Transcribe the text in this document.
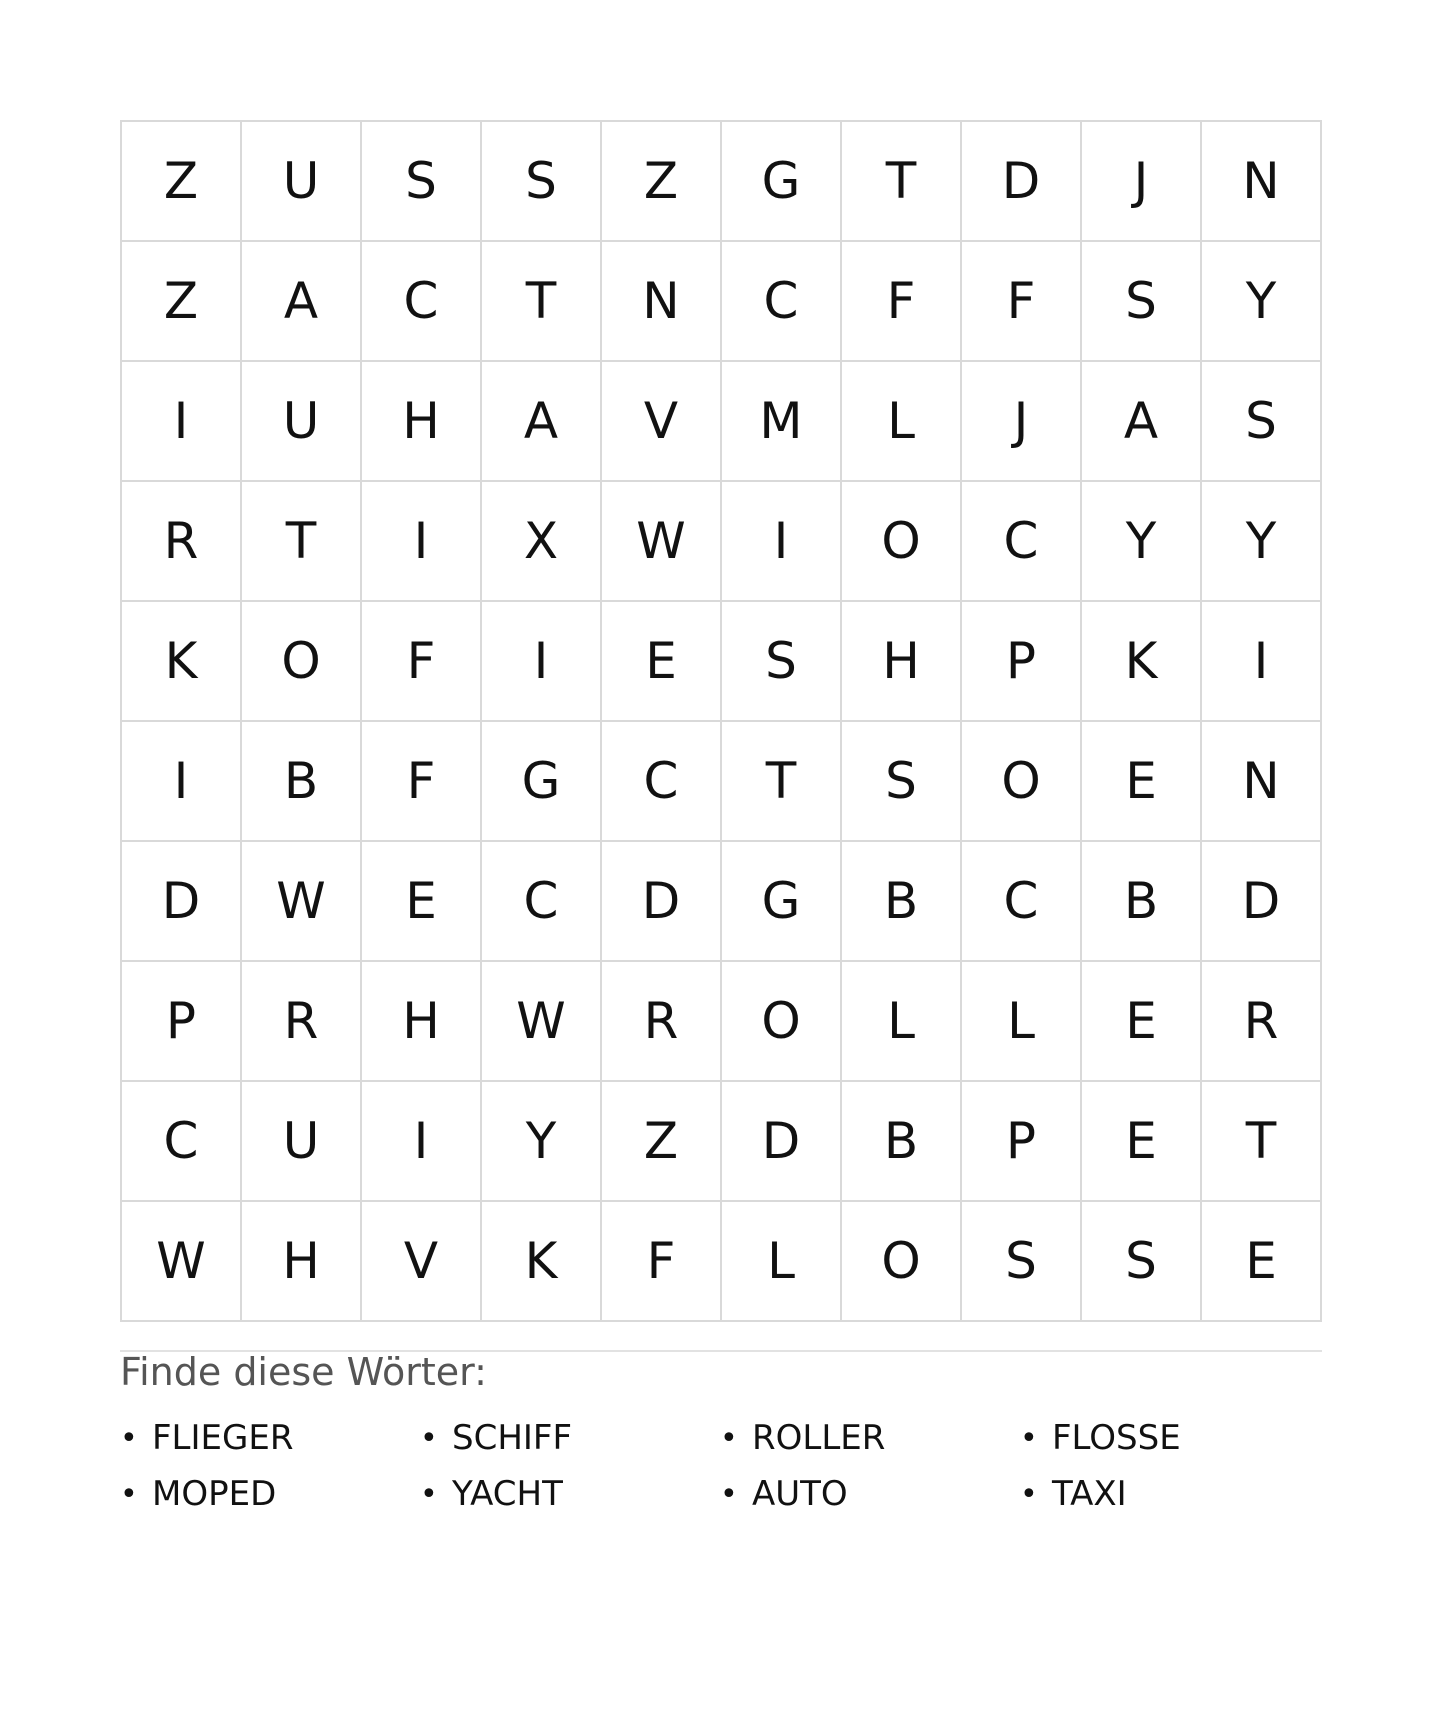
Z	U	S	S	Z	G	T	D	J	N
Z	A	C	T	N	C	F	F	S	Y
I	U	H	A	V	M	L	J	A	S
R	T	I	X	W	I	O	C	Y	Y
K	O	F	I	E	S	H	P	K	I
I	B	F	G	C	T	S	O	E	N
D	W	E	C	D	G	B	C	B	D
P	R	H	W	R	O	L	L	E	R
C	U	I	Y	Z	D	B	P	E	T
W	H	V	K	F	L	O	S	S	E
Finde diese Wörter:
• FLIEGER	• SCHIFF	• ROLLER	• FLOSSE
• MOPED	• YACHT	• AUTO	• TAXI
